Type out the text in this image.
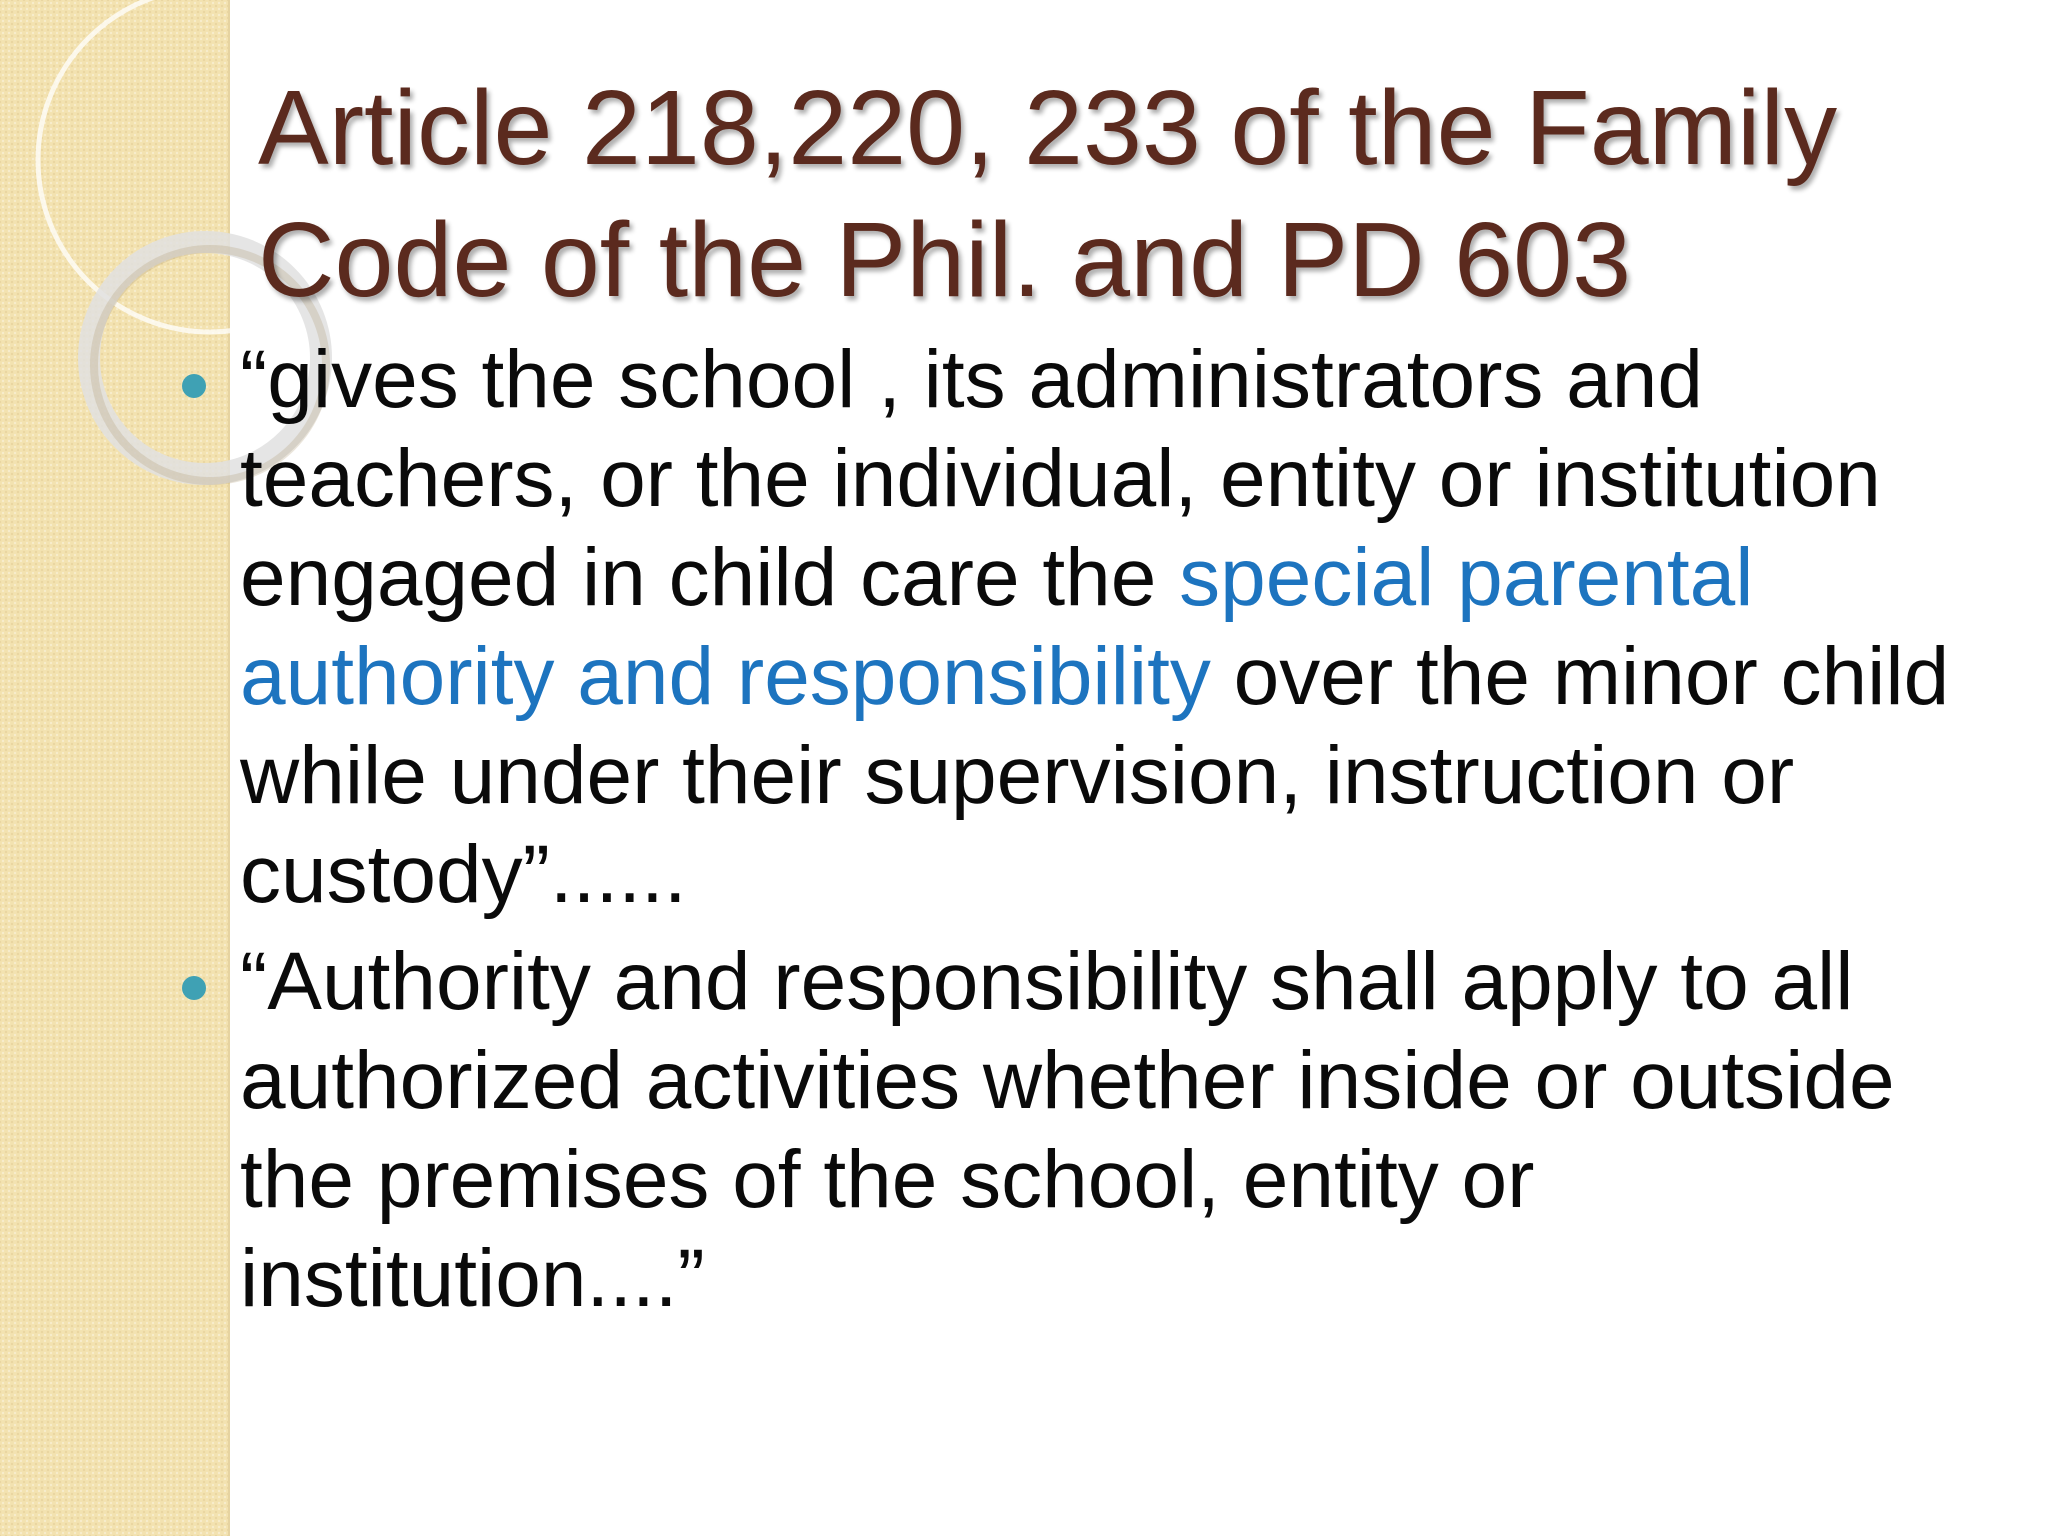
Article 218,220, 233 of the Family Code of the Phil. and PD 603
“gives the school , its administrators and teachers, or the individual, entity or institution engaged in child care the special parental authority and responsibility over the minor child while under their supervision, instruction or custody”......
“Authority and responsibility shall apply to all authorized activities whether inside or outside the premises of the school, entity or institution....”
